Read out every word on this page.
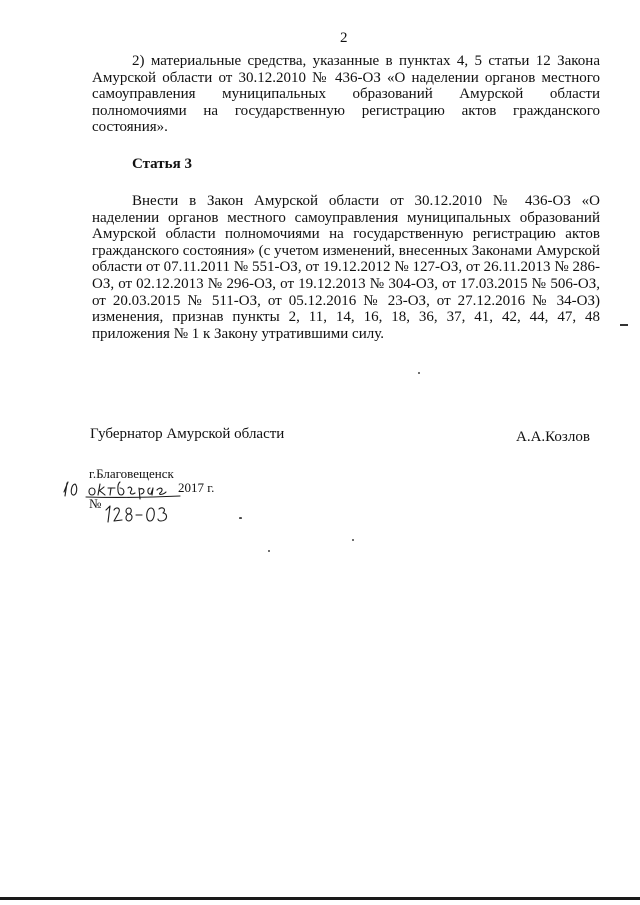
2

2) материальные средства, указанные в пунктах 4, 5 статьи 12 Закона Амурской области от 30.12.2010 № 436-ОЗ «О наделении органов местного самоуправления муниципальных образований Амурской области полномочиями на государственную регистрацию актов гражданского состояния».

Статья 3

Внести в Закон Амурской области от 30.12.2010 № 436-ОЗ «О наделении органов местного самоуправления муниципальных образований Амурской области полномочиями на государственную регистрацию актов гражданского состояния» (с учетом изменений, внесенных Законами Амурской области от 07.11.2011 № 551-ОЗ, от 19.12.2012 № 127-ОЗ, от 26.11.2013 № 286-ОЗ, от 02.12.2013 № 296-ОЗ, от 19.12.2013 № 304-ОЗ, от 17.03.2015 № 506-ОЗ, от 20.03.2015 № 511-ОЗ, от 05.12.2016 № 23-ОЗ, от 27.12.2016 № 34-ОЗ) изменения, признав пункты 2, 11, 14, 16, 18, 36, 37, 41, 42, 44, 47, 48 приложения № 1 к Закону утратившими силу.

Губернатор Амурской области	А.А.Козлов
г.Благовещенск
2017 г.
№
